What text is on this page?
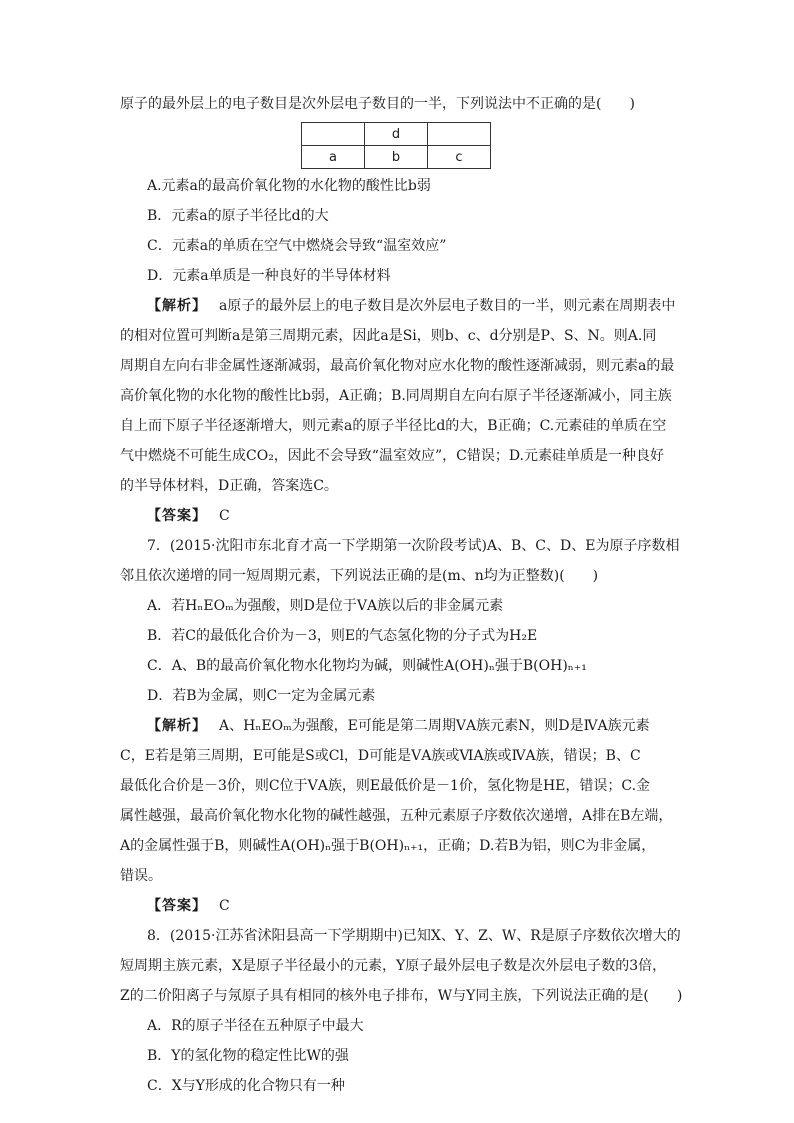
原子的最外层上的电子数目是次外层电子数目的一半，下列说法中不正确的是(　　)
	d	
a	b	c
A.元素a的最高价氧化物的水化物的酸性比b弱
B．元素a的原子半径比d的大
C．元素a的单质在空气中燃烧会导致“温室效应”
D．元素a单质是一种良好的半导体材料
【解析】 a原子的最外层上的电子数目是次外层电子数目的一半，则元素在周期表中
的相对位置可判断a是第三周期元素，因此a是Si，则b、c、d分别是P、S、N。则A.同
周期自左向右非金属性逐渐减弱，最高价氧化物对应水化物的酸性逐渐减弱，则元素a的最
高价氧化物的水化物的酸性比b弱，A正确；B.同周期自左向右原子半径逐渐减小，同主族
自上而下原子半径逐渐增大，则元素a的原子半径比d的大，B正确；C.元素硅的单质在空
气中燃烧不可能生成CO₂，因此不会导致“温室效应”，C错误；D.元素硅单质是一种良好
的半导体材料，D正确，答案选C。
【答案】 C
7．(2015·沈阳市东北育才高一下学期第一次阶段考试)A、B、C、D、E为原子序数相
邻且依次递增的同一短周期元素，下列说法正确的是(m、n均为正整数)(　　)
A．若HₙEOₘ为强酸，则D是位于ⅤA族以后的非金属元素
B．若C的最低化合价为－3，则E的气态氢化物的分子式为H₂E
C．A、B的最高价氧化物水化物均为碱，则碱性A(OH)ₙ强于B(OH)ₙ₊₁
D．若B为金属，则C一定为金属元素
【解析】 A、HₙEOₘ为强酸，E可能是第二周期ⅤA族元素N，则D是ⅣA族元素
C，E若是第三周期，E可能是S或Cl，D可能是ⅤA族或ⅥA族或ⅣA族，错误；B、C
最低化合价是－3价，则C位于ⅤA族，则E最低价是－1价，氢化物是HE，错误；C.金
属性越强，最高价氧化物水化物的碱性越强，五种元素原子序数依次递增，A排在B左端，
A的金属性强于B，则碱性A(OH)ₙ强于B(OH)ₙ₊₁，正确；D.若B为铝，则C为非金属，
错误。
【答案】 C
8．(2015·江苏省沭阳县高一下学期期中)已知X、Y、Z、W、R是原子序数依次增大的
短周期主族元素，X是原子半径最小的元素，Y原子最外层电子数是次外层电子数的3倍，
Z的二价阳离子与氖原子具有相同的核外电子排布，W与Y同主族，下列说法正确的是(　　)
A．R的原子半径在五种原子中最大
B．Y的氢化物的稳定性比W的强
C．X与Y形成的化合物只有一种
